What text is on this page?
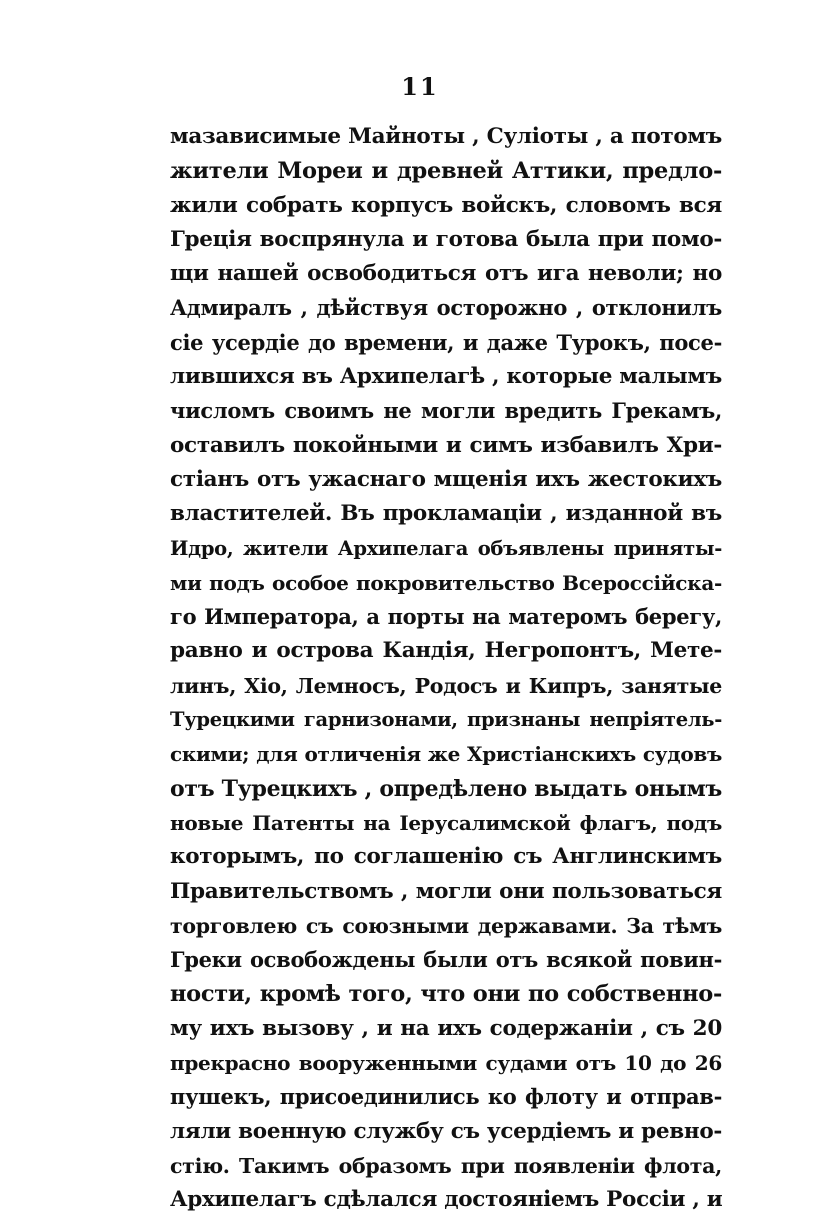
11
мазависимые Майноты , Сулiоты , а потомъ
жители Мореи и древней Аттики, предло-
жили собрать корпусъ войскъ, словомъ вся
Грецiя воспрянула и готова была при помо-
щи нашей освободиться отъ ига неволи; но
Адмиралъ , дѣйствуя осторожно , отклонилъ
сiе усердiе до времени, и даже Турокъ, посе-
лившихся въ Архипелагѣ , которые малымъ
числомъ своимъ не могли вредить Грекамъ,
оставилъ покойными и симъ избавилъ Хри-
стiанъ отъ ужаснаго мщенiя ихъ жестокихъ
властителей. Въ прокламацiи , изданной въ
Идро, жители Архипелага объявлены приняты-
ми подъ особое покровительство Всероссiйска-
го Императора, а порты на матеромъ берегу,
равно и острова Кандiя, Негропонтъ, Мете-
линъ, Хiо, Лемносъ, Родосъ и Кипръ, занятые
Турецкими гарнизонами, признаны непрiятель-
скими; для отличенiя же Христiанскихъ судовъ
отъ Турецкихъ , опредѣлено выдать онымъ
новые Патенты на Iерусалимской флагъ, подъ
которымъ, по соглашенiю съ Англинскимъ
Правительствомъ , могли они пользоваться
торговлею съ союзными державами. За тѣмъ
Греки освобождены были отъ всякой повин-
ности, кромѣ того, что они по собственно-
му ихъ вызову , и на ихъ содержанiи , съ 20
прекрасно вооруженными судами отъ 10 до 26
пушекъ, присоединились ко флоту и отправ-
ляли военную службу съ усердiемъ и ревно-
стiю. Такимъ образомъ при появленiи флота,
Архипелагъ сдѣлался достоянiемъ Россiи , и
